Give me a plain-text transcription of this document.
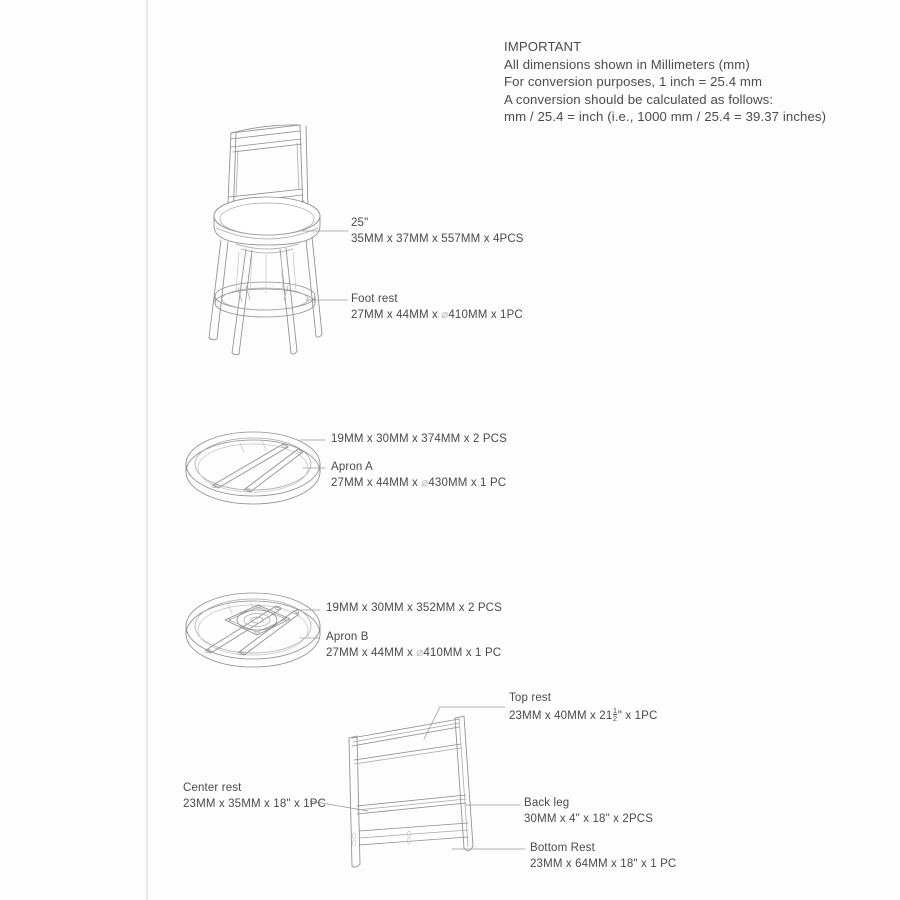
IMPORTANT
All dimensions shown in Millimeters (mm)
For conversion purposes, 1 inch = 25.4 mm
A conversion should be calculated as follows:
mm / 25.4 = inch (i.e., 1000 mm / 25.4 = 39.37 inches)
25"
35MM x 37MM x 557MM x 4PCS
Foot rest
27MM x 44MM x ⌀410MM x 1PC
19MM x 30MM x 374MM x 2 PCS
Apron A
27MM x 44MM x ⌀430MM x 1 PC
19MM x 30MM x 352MM x 2 PCS
Apron B
27MM x 44MM x ⌀410MM x 1 PC
Top rest
23MM x 40MM x $21 \frac{1}{2}$ " x 1PC
Center rest
23MM x 35MM x 18" x 1PC	Back leg
30MM x 4" x 18" x 2PCS
Bottom Rest
23MM x 64MM x 18" x 1 PC
